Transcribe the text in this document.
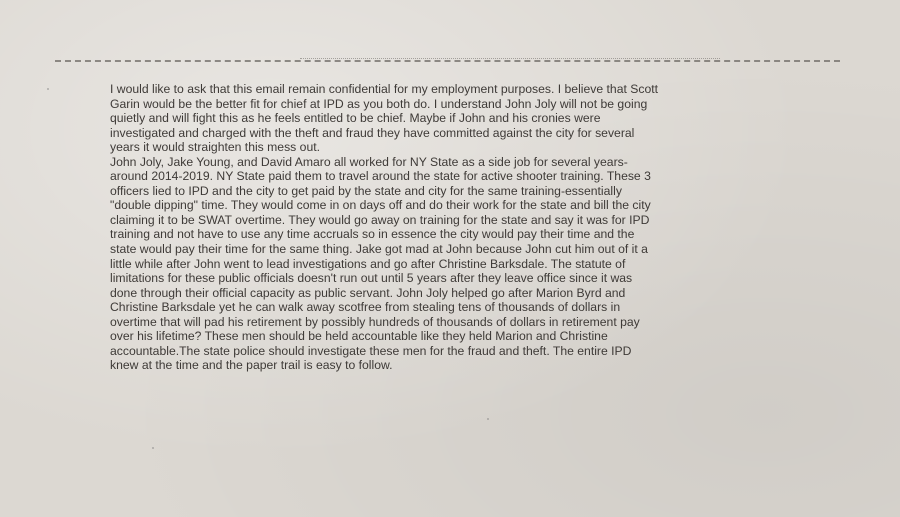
I would like to ask that this email remain confidential for my employment purposes. I believe that Scott
Garin would be the better fit for chief at IPD as you both do. I understand John Joly will not be going
quietly and will fight this as he feels entitled to be chief. Maybe if John and his cronies were
investigated and charged with the theft and fraud they have committed against the city for several
years it would straighten this mess out.
John Joly, Jake Young, and David Amaro all worked for NY State as a side job for several years-
around 2014-2019. NY State paid them to travel around the state for active shooter training. These 3
officers lied to IPD and the city to get paid by the state and city for the same training-essentially
"double dipping" time. They would come in on days off and do their work for the state and bill the city
claiming it to be SWAT overtime. They would go away on training for the state and say it was for IPD
training and not have to use any time accruals so in essence the city would pay their time and the
state would pay their time for the same thing. Jake got mad at John because John cut him out of it a
little while after John went to lead investigations and go after Christine Barksdale. The statute of
limitations for these public officials doesn't run out until 5 years after they leave office since it was
done through their official capacity as public servant. John Joly helped go after Marion Byrd and
Christine Barksdale yet he can walk away scotfree from stealing tens of thousands of dollars in
overtime that will pad his retirement by possibly hundreds of thousands of dollars in retirement pay
over his lifetime? These men should be held accountable like they held Marion and Christine
accountable.The state police should investigate these men for the fraud and theft. The entire IPD
knew at the time and the paper trail is easy to follow.
